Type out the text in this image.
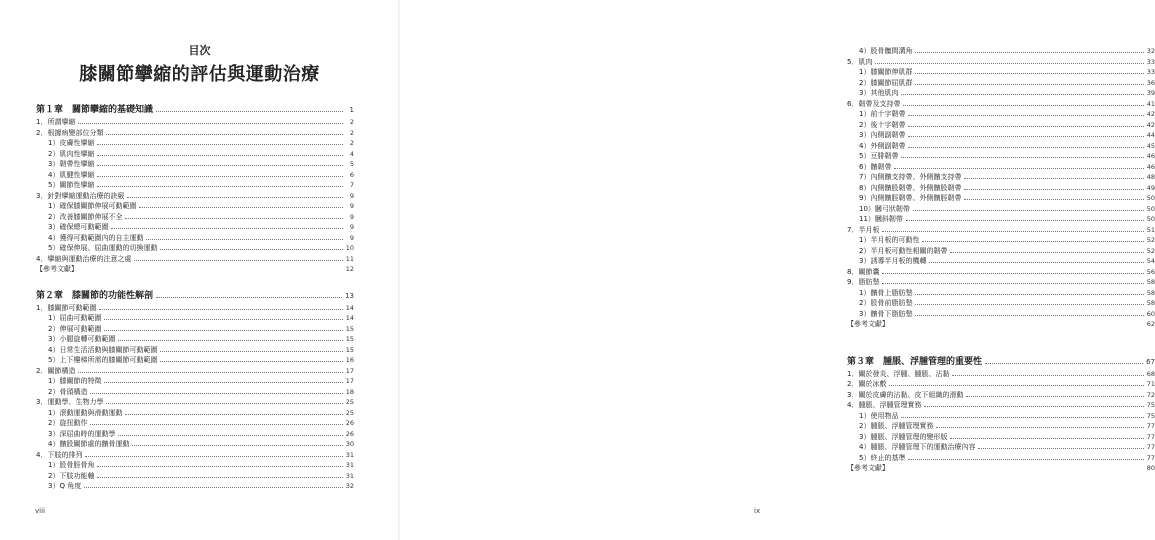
目次
膝關節攣縮的評估與運動治療
第１章　關節攣縮的基礎知識	1
1．所謂攣縮	2
2．根據病變部位分類	2
1）皮膚性攣縮	2
2）肌肉性攣縮	4
3）韌帶性攣縮	5
4）肌腱性攣縮	6
5）關節性攣縮	7
3．針對攣縮運動治療的訣竅	9
1）確保膝關節伸展可動範圍	9
2）改善膝關節伸展不全	9
3）確保總可動範圍	9
4）獲得可動範圍內的自主運動	9
5）確保伸展、屈曲運動的切換運動	10
4．攣縮與運動治療的注意之處	11
【參考文獻】	12
第２章　膝關節的功能性解剖	13
1．膝關節可動範圍	14
1）屈曲可動範圍	14
2）伸展可動範圍	15
3）小腿旋轉可動範圍	15
4）日常生活活動與膝關節可動範圍	15
5）上下樓梯所需的膝關節可動範圍	16
2．關節構造	17
1）膝關節的特徵	17
2）骨頭構造	18
3．運動學、生物力學	25
1）滾動運動與滑動運動	25
2）旋扭動作	26
3）深屈曲時的運動學	26
4）髕股關節處的髕骨運動	30
4．下肢的排列	31
1）股骨脛骨角	31
2）下肢功能軸	31
3）Q 角度	32
viii
4）股骨髖間溝角	32
5．肌肉	33
1）膝關節伸肌群	33
2）膝關節屈肌群	36
3）其他肌肉	39
6．韌帶及支持帶	41
1）前十字韌帶	42
2）後十字韌帶	42
3）內側副韌帶	44
4）外側副韌帶	45
5）豆腓韌帶	46
6）髕韌帶	46
7）內側髕支持帶、外側髕支持帶	48
8）內側髕股韌帶、外側髕股韌帶	49
9）內側髕脛韌帶、外側髕脛韌帶	50
10）膕弓狀韌帶	50
11）膕斜韌帶	50
7．半月板	51
1）半月板的可動性	52
2）半月板可動性相關的韌帶	52
3）誘導半月板的機轉	54
8．關節囊	56
9．脂肪墊	58
1）髕骨上脂肪墊	58
2）股骨前脂肪墊	58
3）髕骨下脂肪墊	60
【參考文獻】	62
第３章　腫脹、浮腫管理的重要性	67
1．關於發炎、浮腫、腫脹、沾黏	68
2．關於冰敷	71
3．關於皮膚的沾黏、皮下組織的滑動	72
4．腫脹、浮腫管理實務	75
1）使用物品	75
2）腫脹、浮腫管理實務	77
3）腫脹、浮腫管理的變形版	77
4）腫脹、浮腫管理下的運動治療內容	77
5）終止的基準	77
【參考文獻】	80
ix
